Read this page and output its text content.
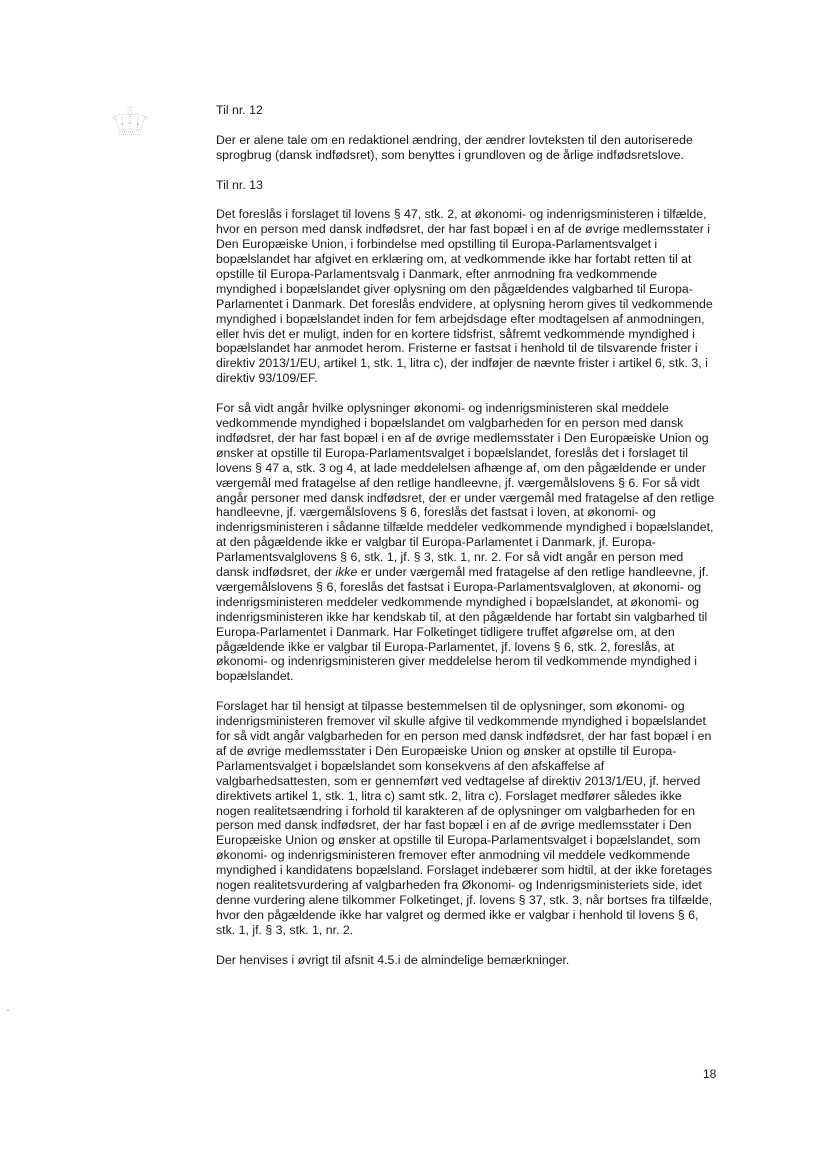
Til nr. 12

Der er alene tale om en redaktionel ændring, der ændrer lovteksten til den autoriserede sprogbrug (dansk indfødsret), som benyttes i grundloven og de årlige indfødsretslove.

Til nr. 13

Det foreslås i forslaget til lovens § 47, stk. 2, at økonomi- og indenrigsministeren i tilfælde, hvor en person med dansk indfødsret, der har fast bopæl i en af de øvrige medlemsstater i Den Europæiske Union, i forbindelse med opstilling til Europa-Parlamentsvalget i bopælslandet har afgivet en erklæring om, at vedkommende ikke har fortabt retten til at opstille til Europa-Parlamentsvalg i Danmark, efter anmodning fra vedkommende myndighed i bopælslandet giver oplysning om den pågældendes valgbarhed til Europa-Parlamentet i Danmark. Det foreslås endvidere, at oplysning herom gives til vedkommende myndighed i bopælslandet inden for fem arbejdsdage efter modtagelsen af anmodningen, eller hvis det er muligt, inden for en kortere tidsfrist, såfremt vedkommende myndighed i bopælslandet har anmodet herom. Fristerne er fastsat i henhold til de tilsvarende frister i direktiv 2013/1/EU, artikel 1, stk. 1, litra c), der indføjer de nævnte frister i artikel 6, stk. 3, i direktiv 93/109/EF.

For så vidt angår hvilke oplysninger økonomi- og indenrigsministeren skal meddele vedkommende myndighed i bopælslandet om valgbarheden for en person med dansk indfødsret, der har fast bopæl i en af de øvrige medlemsstater i Den Europæiske Union og ønsker at opstille til Europa-Parlamentsvalget i bopælslandet, foreslås det i forslaget til lovens § 47 a, stk. 3 og 4, at lade meddelelsen afhænge af, om den pågældende er under værgemål med fratagelse af den retlige handleevne, jf. værgemålslovens § 6. For så vidt angår personer med dansk indfødsret, der er under værgemål med fratagelse af den retlige handleevne, jf. værgemålslovens § 6, foreslås det fastsat i loven, at økonomi- og indenrigsministeren i sådanne tilfælde meddeler vedkommende myndighed i bopælslandet, at den pågældende ikke er valgbar til Europa-Parlamentet i Danmark, jf. Europa-Parlamentsvalglovens § 6, stk. 1, jf. § 3, stk. 1, nr. 2. For så vidt angår en person med dansk indfødsret, der ikke er under værgemål med fratagelse af den retlige handleevne, jf. værgemålslovens § 6, foreslås det fastsat i Europa-Parlamentsvalgloven, at økonomi- og indenrigsministeren meddeler vedkommende myndighed i bopælslandet, at økonomi- og indenrigsministeren ikke har kendskab til, at den pågældende har fortabt sin valgbarhed til Europa-Parlamentet i Danmark. Har Folketinget tidligere truffet afgørelse om, at den pågældende ikke er valgbar til Europa-Parlamentet, jf. lovens § 6, stk. 2, foreslås, at økonomi- og indenrigsministeren giver meddelelse herom til vedkommende myndighed i bopælslandet.

Forslaget har til hensigt at tilpasse bestemmelsen til de oplysninger, som økonomi- og indenrigsministeren fremover vil skulle afgive til vedkommende myndighed i bopælslandet for så vidt angår valgbarheden for en person med dansk indfødsret, der har fast bopæl i en af de øvrige medlemsstater i Den Europæiske Union og ønsker at opstille til Europa-Parlamentsvalget i bopælslandet som konsekvens af den afskaffelse af valgbarhedsattesten, som er gennemført ved vedtagelse af direktiv 2013/1/EU, jf. herved direktivets artikel 1, stk. 1, litra c) samt stk. 2, litra c). Forslaget medfører således ikke nogen realitetsændring i forhold til karakteren af de oplysninger om valgbarheden for en person med dansk indfødsret, der har fast bopæl i en af de øvrige medlemsstater i Den Europæiske Union og ønsker at opstille til Europa-Parlamentsvalget i bopælslandet, som økonomi- og indenrigsministeren fremover efter anmodning vil meddele vedkommende myndighed i kandidatens bopælsland. Forslaget indebærer som hidtil, at der ikke foretages nogen realitetsvurdering af valgbarheden fra Økonomi- og Indenrigsministeriets side, idet denne vurdering alene tilkommer Folketinget, jf. lovens § 37, stk. 3, når bortses fra tilfælde, hvor den pågældende ikke har valgret og dermed ikke er valgbar i henhold til lovens § 6, stk. 1, jf. § 3, stk. 1, nr. 2.

Der henvises i øvrigt til afsnit 4.5.i de almindelige bemærkninger.

18
